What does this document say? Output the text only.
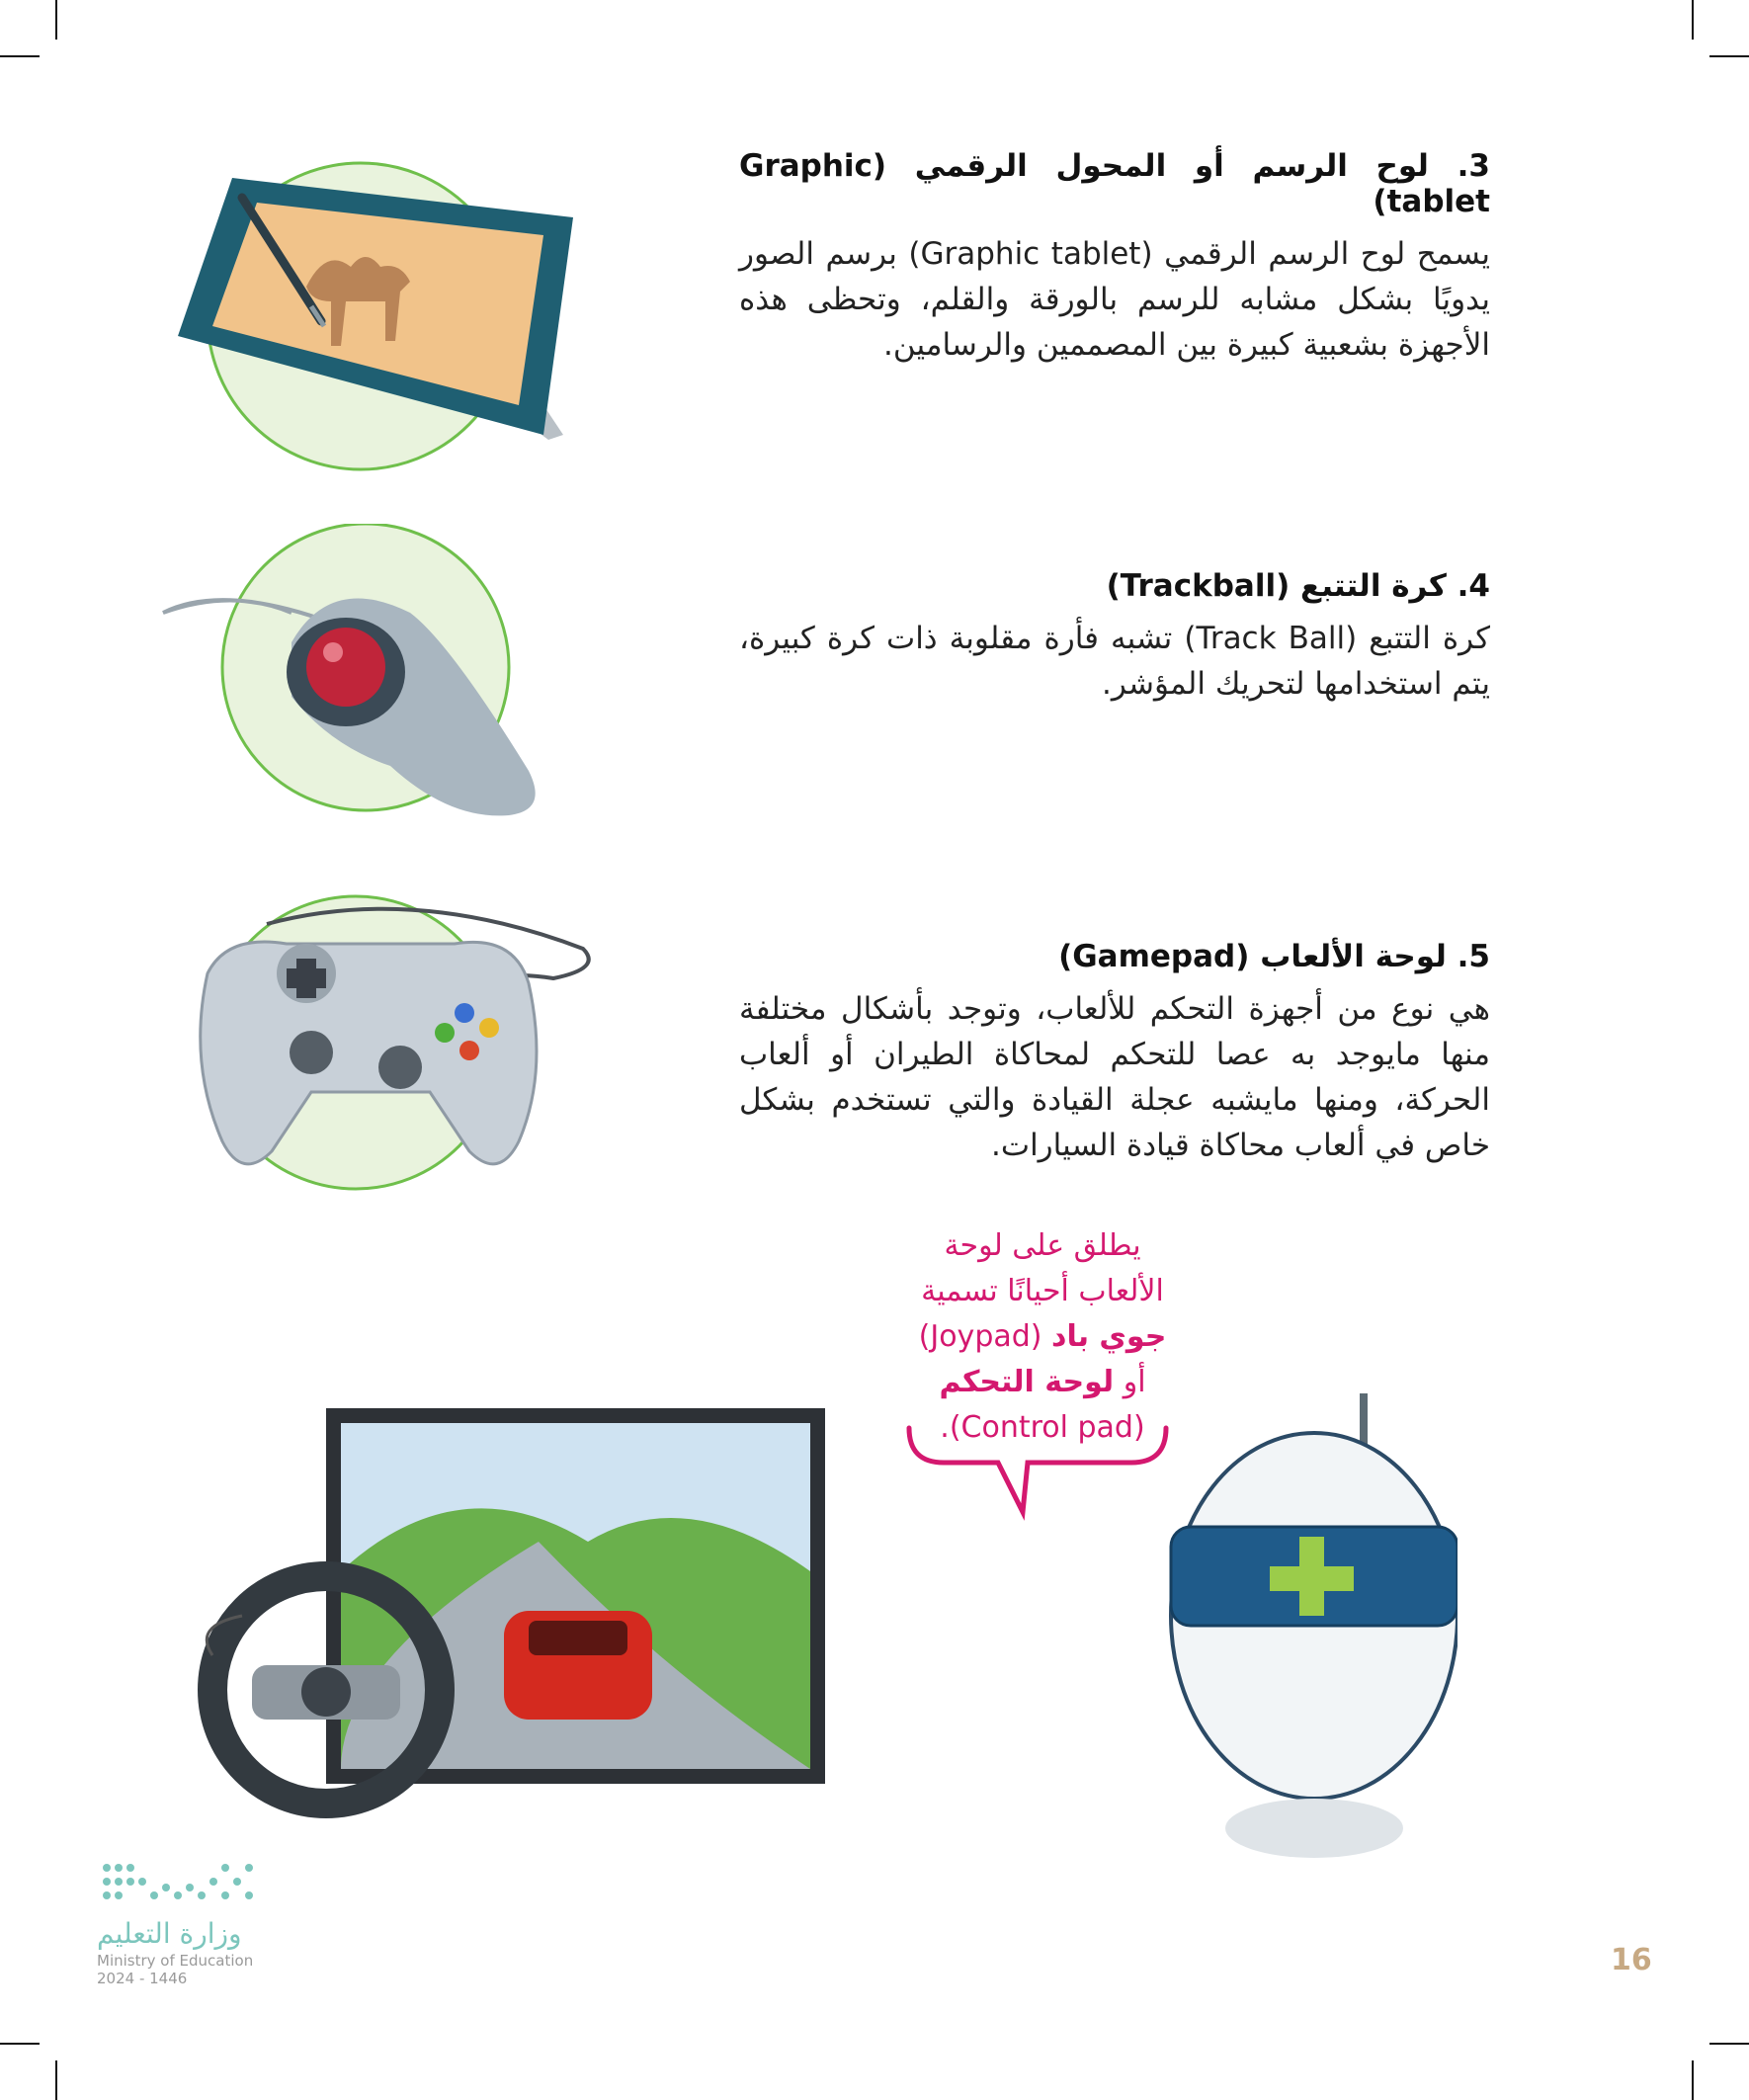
3. لوح الرسم أو المحول الرقمي (Graphic tablet)

يسمح لوح الرسم الرقمي (Graphic tablet) برسم الصور يدويًا بشكل مشابه للرسم بالورقة والقلم، وتحظى هذه الأجهزة بشعبية كبيرة بين المصممين والرسامين.

4. كرة التتبع (Trackball)

كرة التتبع (Track Ball) تشبه فأرة مقلوبة ذات كرة كبيرة، يتم استخدامها لتحريك المؤشر.

5. لوحة الألعاب (Gamepad)

هي نوع من أجهزة التحكم للألعاب، وتوجد بأشكال مختلفة منها مايوجد به عصا للتحكم لمحاكاة الطيران أو ألعاب الحركة، ومنها مايشبه عجلة القيادة والتي تستخدم بشكل خاص في ألعاب محاكاة قيادة السيارات.

يطلق على لوحة
الألعاب أحيانًا تسمية
جوي باد (Joypad)
أو لوحة التحكم
(Control pad).
16
وزارة التعليم
Ministry of Education
2024 - 1446
